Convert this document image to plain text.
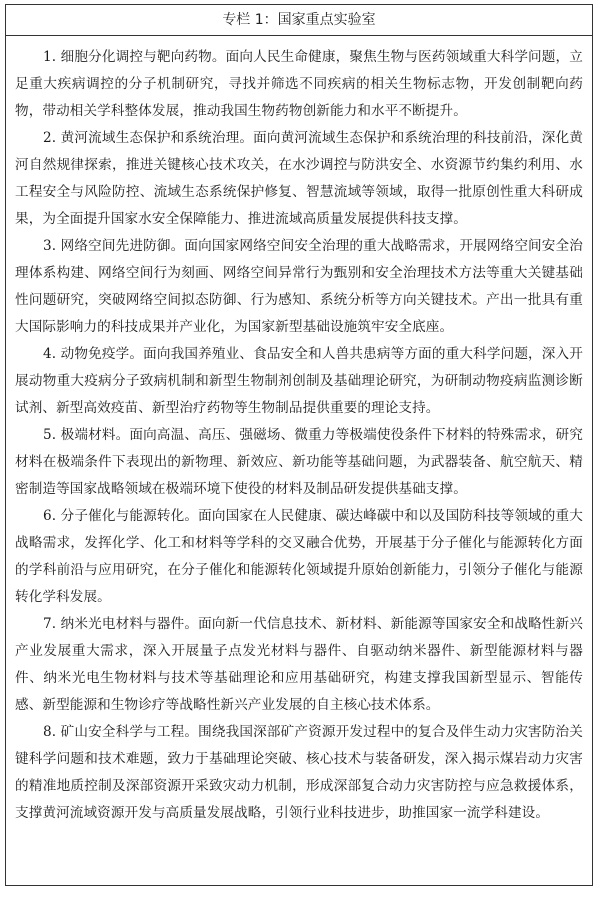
专栏 1：国家重点实验室

1. 细胞分化调控与靶向药物。面向人民生命健康，聚焦生物与医药领域重大科学问题，立足重大疾病调控的分子机制研究，寻找并筛选不同疾病的相关生物标志物，开发创制靶向药物，带动相关学科整体发展，推动我国生物药物创新能力和水平不断提升。

2. 黄河流域生态保护和系统治理。面向黄河流域生态保护和系统治理的科技前沿，深化黄河自然规律探索，推进关键核心技术攻关，在水沙调控与防洪安全、水资源节约集约利用、水工程安全与风险防控、流域生态系统保护修复、智慧流域等领域，取得一批原创性重大科研成果，为全面提升国家水安全保障能力、推进流域高质量发展提供科技支撑。

3. 网络空间先进防御。面向国家网络空间安全治理的重大战略需求，开展网络空间安全治理体系构建、网络空间行为刻画、网络空间异常行为甄别和安全治理技术方法等重大关键基础性问题研究，突破网络空间拟态防御、行为感知、系统分析等方向关键技术。产出一批具有重大国际影响力的科技成果并产业化，为国家新型基础设施筑牢安全底座。

4. 动物免疫学。面向我国养殖业、食品安全和人兽共患病等方面的重大科学问题，深入开展动物重大疫病分子致病机制和新型生物制剂创制及基础理论研究，为研制动物疫病监测诊断试剂、新型高效疫苗、新型治疗药物等生物制品提供重要的理论支持。

5. 极端材料。面向高温、高压、强磁场、微重力等极端使役条件下材料的特殊需求，研究材料在极端条件下表现出的新物理、新效应、新功能等基础问题，为武器装备、航空航天、精密制造等国家战略领域在极端环境下使役的材料及制品研发提供基础支撑。

6. 分子催化与能源转化。面向国家在人民健康、碳达峰碳中和以及国防科技等领域的重大战略需求，发挥化学、化工和材料等学科的交叉融合优势，开展基于分子催化与能源转化方面的学科前沿与应用研究，在分子催化和能源转化领域提升原始创新能力，引领分子催化与能源转化学科发展。

7. 纳米光电材料与器件。面向新一代信息技术、新材料、新能源等国家安全和战略性新兴产业发展重大需求，深入开展量子点发光材料与器件、自驱动纳米器件、新型能源材料与器件、纳米光电生物材料与技术等基础理论和应用基础研究，构建支撑我国新型显示、智能传感、新型能源和生物诊疗等战略性新兴产业发展的自主核心技术体系。

8. 矿山安全科学与工程。围绕我国深部矿产资源开发过程中的复合及伴生动力灾害防治关键科学问题和技术难题，致力于基础理论突破、核心技术与装备研发，深入揭示煤岩动力灾害的精准地质控制及深部资源开采致灾动力机制，形成深部复合动力灾害防控与应急救援体系，支撑黄河流域资源开发与高质量发展战略，引领行业科技进步，助推国家一流学科建设。
